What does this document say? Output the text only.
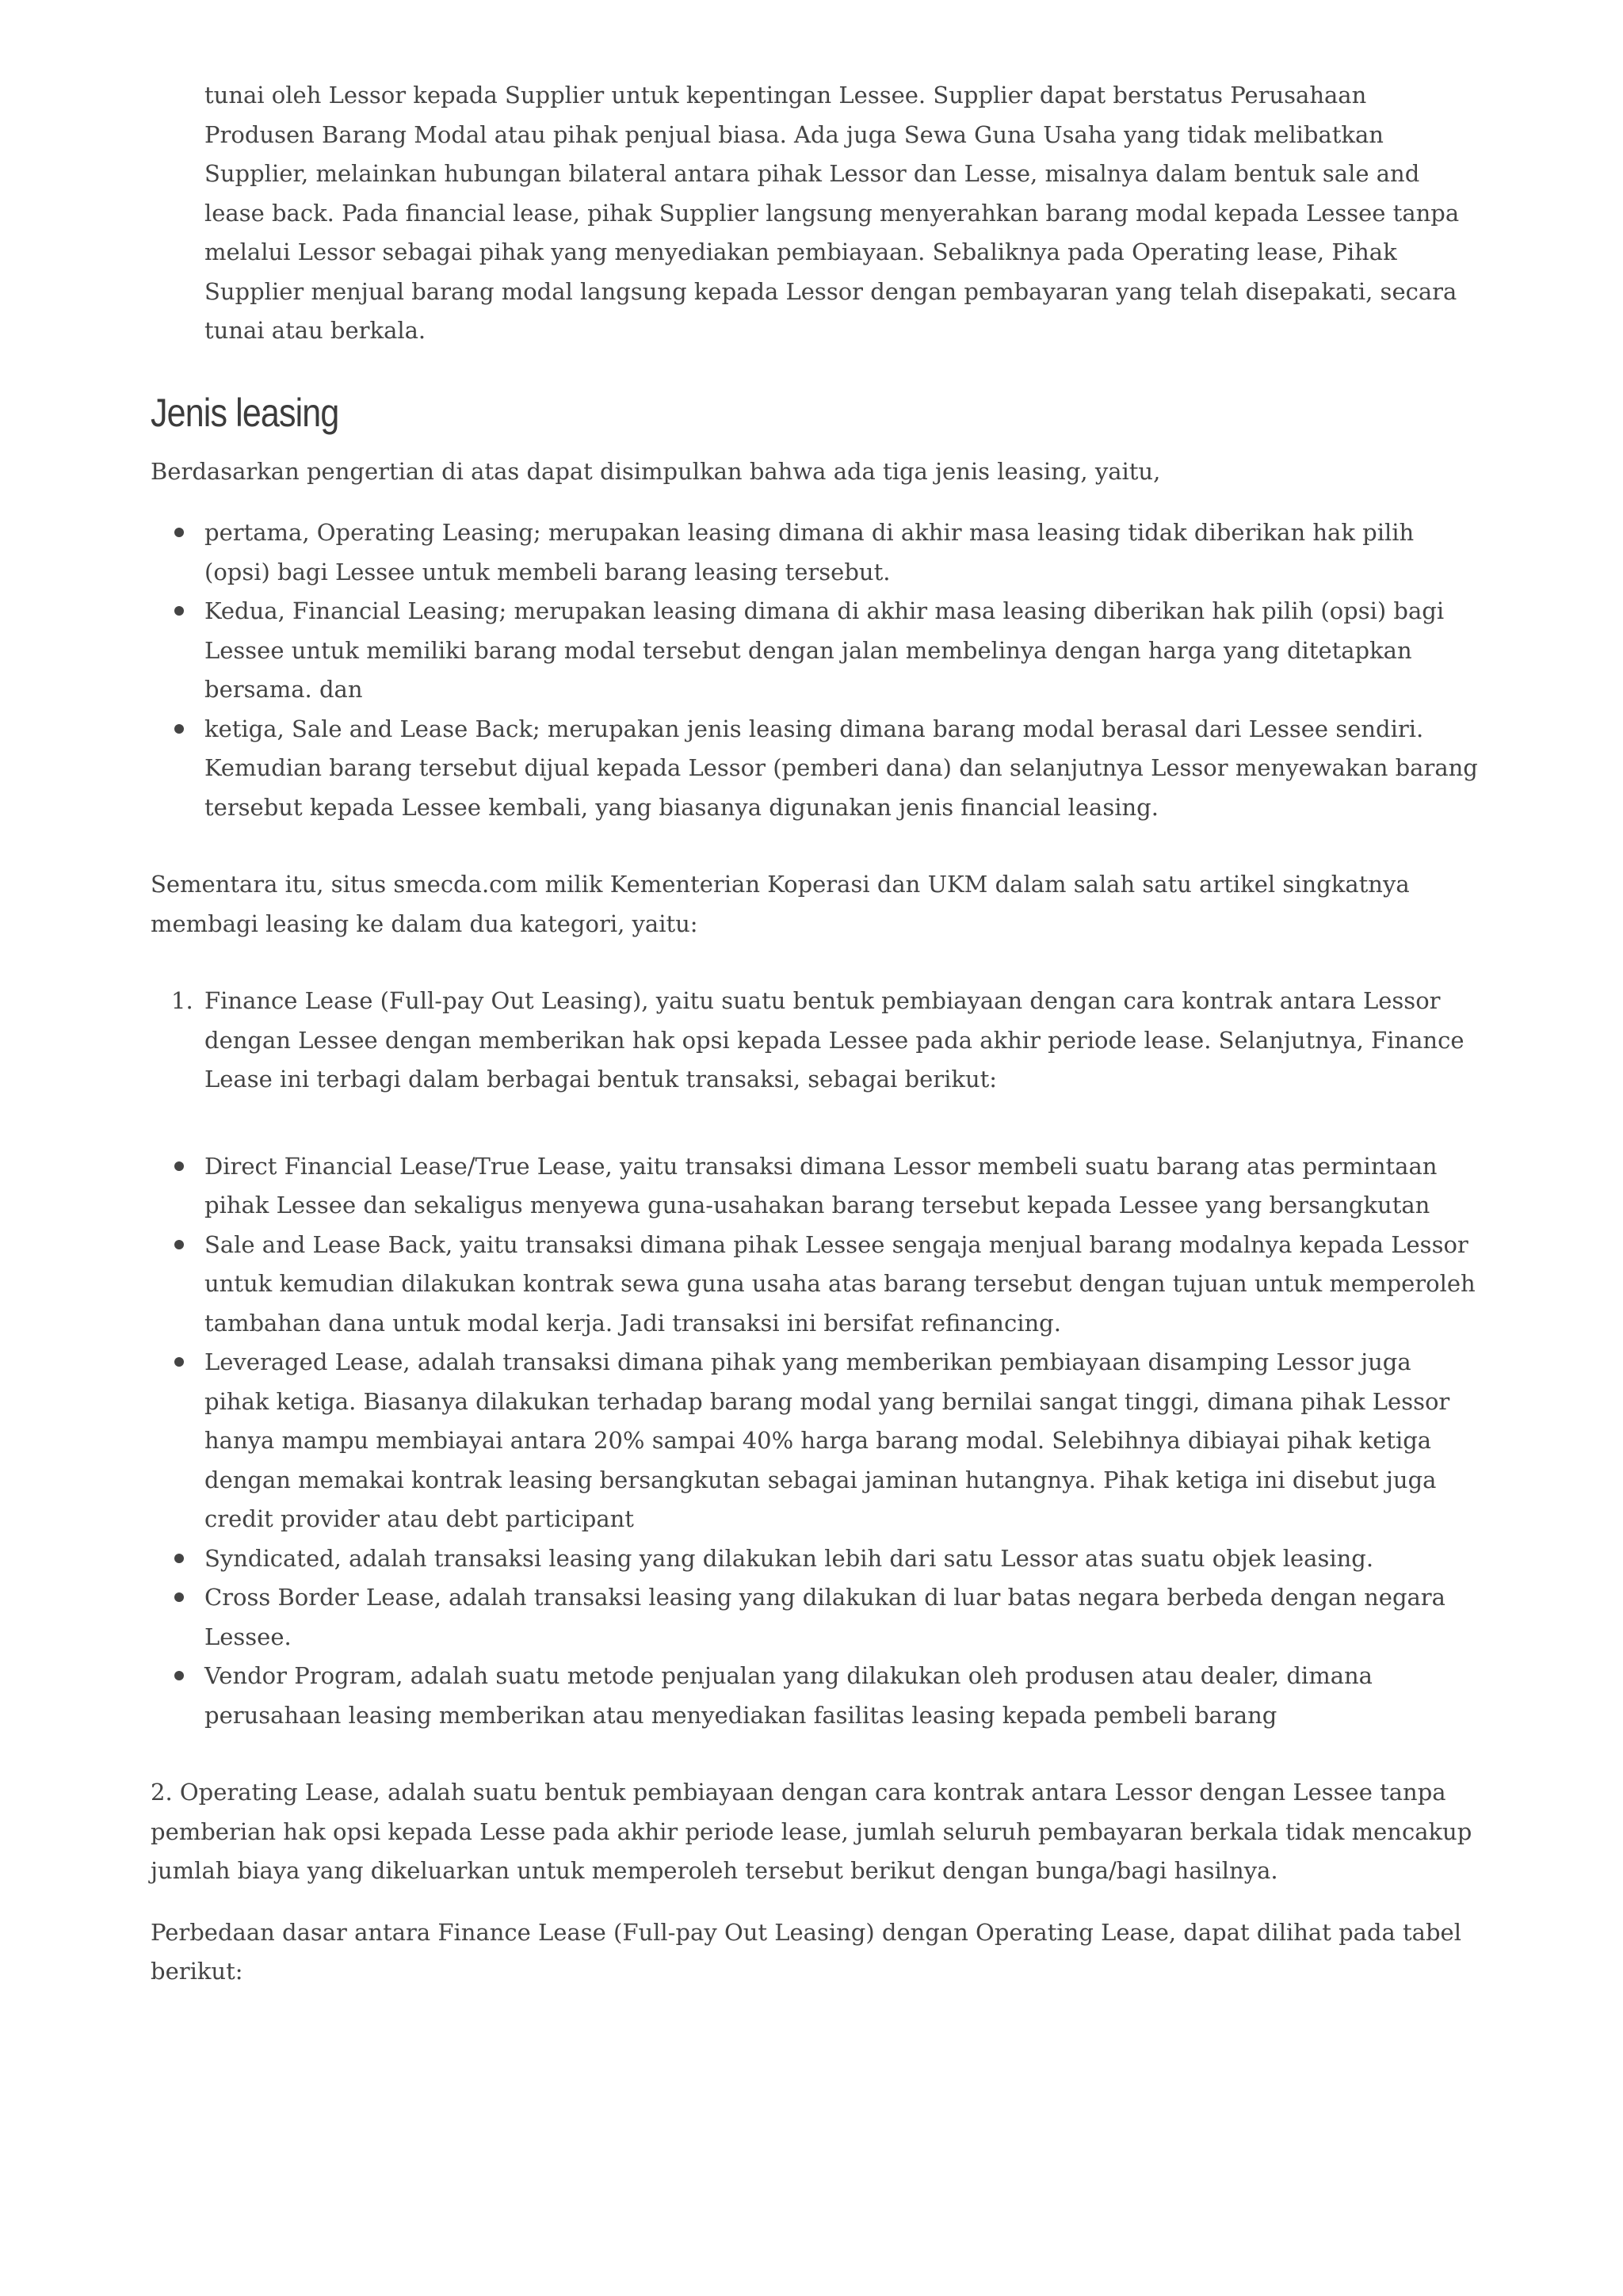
tunai oleh Lessor kepada Supplier untuk kepentingan Lessee. Supplier dapat berstatus Perusahaan Produsen Barang Modal atau pihak penjual biasa. Ada juga Sewa Guna Usaha yang tidak melibatkan Supplier, melainkan hubungan bilateral antara pihak Lessor dan Lesse, misalnya dalam bentuk sale and lease back. Pada financial lease, pihak Supplier langsung menyerahkan barang modal kepada Lessee tanpa melalui Lessor sebagai pihak yang menyediakan pembiayaan. Sebaliknya pada Operating lease, Pihak Supplier menjual barang modal langsung kepada Lessor dengan pembayaran yang telah disepakati, secara tunai atau berkala.

Jenis leasing

Berdasarkan pengertian di atas dapat disimpulkan bahwa ada tiga jenis leasing, yaitu,

pertama, Operating Leasing; merupakan leasing dimana di akhir masa leasing tidak diberikan hak pilih (opsi) bagi Lessee untuk membeli barang leasing tersebut.
Kedua, Financial Leasing; merupakan leasing dimana di akhir masa leasing diberikan hak pilih (opsi) bagi Lessee untuk memiliki barang modal tersebut dengan jalan membelinya dengan harga yang ditetapkan bersama. dan
ketiga, Sale and Lease Back; merupakan jenis leasing dimana barang modal berasal dari Lessee sendiri. Kemudian barang tersebut dijual kepada Lessor (pemberi dana) dan selanjutnya Lessor menyewakan barang tersebut kepada Lessee kembali, yang biasanya digunakan jenis financial leasing.

Sementara itu, situs smecda.com milik Kementerian Koperasi dan UKM dalam salah satu artikel singkatnya membagi leasing ke dalam dua kategori, yaitu:

1. Finance Lease (Full-pay Out Leasing), yaitu suatu bentuk pembiayaan dengan cara kontrak antara Lessor dengan Lessee dengan memberikan hak opsi kepada Lessee pada akhir periode lease. Selanjutnya, Finance Lease ini terbagi dalam berbagai bentuk transaksi, sebagai berikut:
Direct Financial Lease/True Lease, yaitu transaksi dimana Lessor membeli suatu barang atas permintaan pihak Lessee dan sekaligus menyewa guna-usahakan barang tersebut kepada Lessee yang bersangkutan
Sale and Lease Back, yaitu transaksi dimana pihak Lessee sengaja menjual barang modalnya kepada Lessor untuk kemudian dilakukan kontrak sewa guna usaha atas barang tersebut dengan tujuan untuk memperoleh tambahan dana untuk modal kerja. Jadi transaksi ini bersifat refinancing.
Leveraged Lease, adalah transaksi dimana pihak yang memberikan pembiayaan disamping Lessor juga pihak ketiga. Biasanya dilakukan terhadap barang modal yang bernilai sangat tinggi, dimana pihak Lessor hanya mampu membiayai antara 20% sampai 40% harga barang modal. Selebihnya dibiayai pihak ketiga dengan memakai kontrak leasing bersangkutan sebagai jaminan hutangnya. Pihak ketiga ini disebut juga credit provider atau debt participant
Syndicated, adalah transaksi leasing yang dilakukan lebih dari satu Lessor atas suatu objek leasing.
Cross Border Lease, adalah transaksi leasing yang dilakukan di luar batas negara berbeda dengan negara Lessee.
Vendor Program, adalah suatu metode penjualan yang dilakukan oleh produsen atau dealer, dimana perusahaan leasing memberikan atau menyediakan fasilitas leasing kepada pembeli barang

2. Operating Lease, adalah suatu bentuk pembiayaan dengan cara kontrak antara Lessor dengan Lessee tanpa pemberian hak opsi kepada Lesse pada akhir periode lease, jumlah seluruh pembayaran berkala tidak mencakup jumlah biaya yang dikeluarkan untuk memperoleh tersebut berikut dengan bunga/bagi hasilnya.

Perbedaan dasar antara Finance Lease (Full-pay Out Leasing) dengan Operating Lease, dapat dilihat pada tabel berikut:
